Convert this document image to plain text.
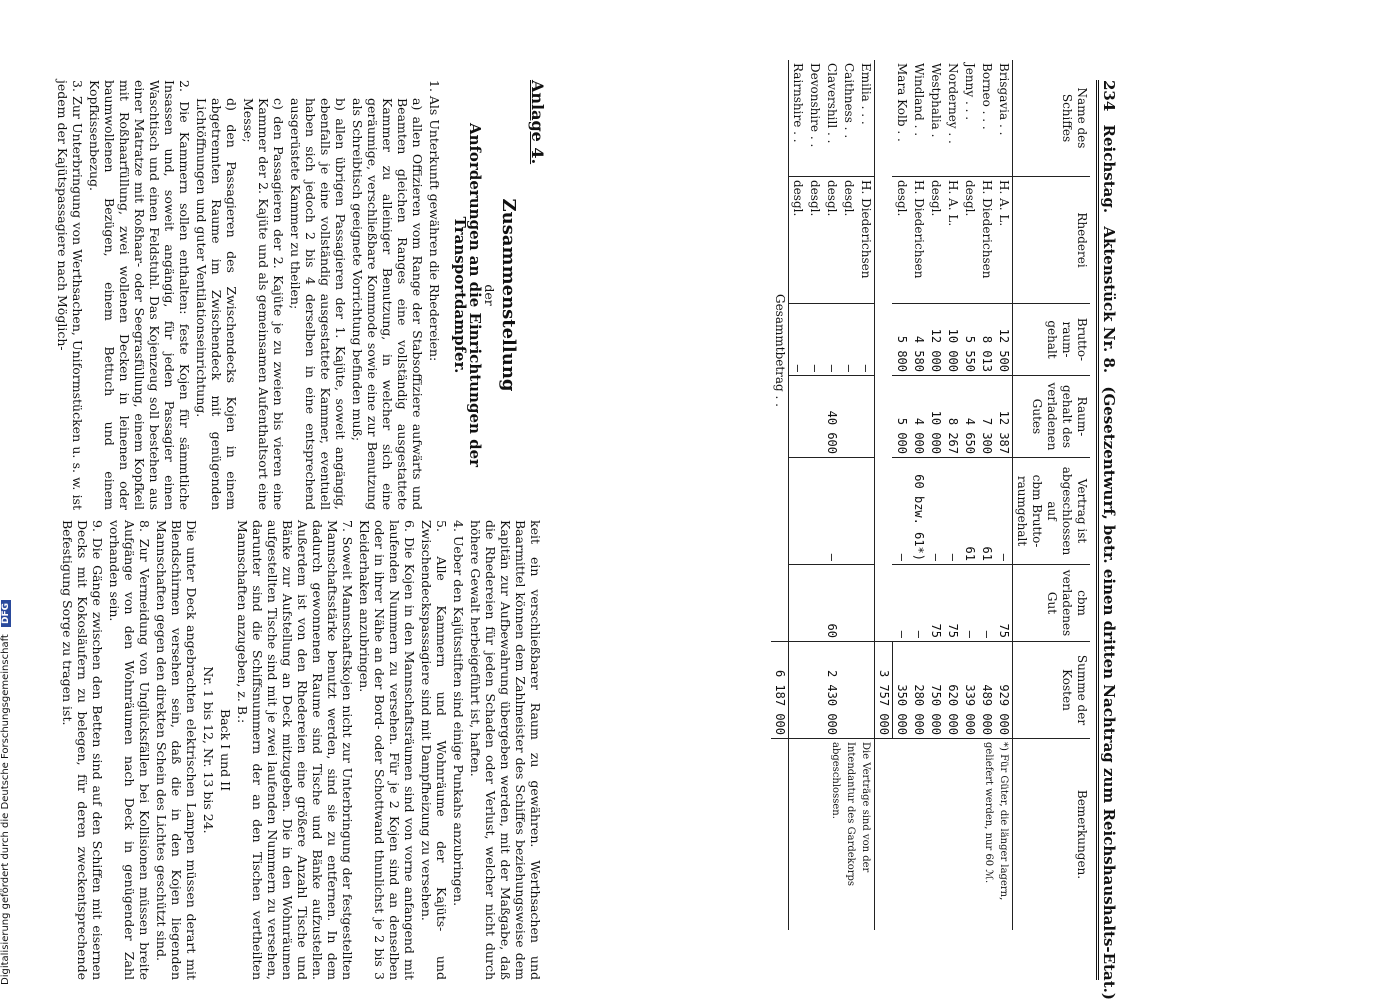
234 Reichstag. Aktenstück Nr. 8. (Gesetzentwurf, betr. einen dritten Nachtrag zum Reichshaushalts-Etat.)
Name des Schiffes	Rhederei	Brutto-raum-gehalt	Raum-gehalt des verladenen Gutes	Vertrag ist abgeschlossen auf
cbm Brutto-raumgehalt	cbm verladenes Gut	Summe der Kosten	Bemerkungen.
Brisgavia . .	H. A. L.	12 500	12 387	—	75	929 000	*) Für Güter, die länger lagern, geliefert werden, nur 60 ℳ.
Borneo . . .	H. Diederichsen	8 013	7 300	61	—	489 000	
Jenny . . .	desgl.	5 550	4 650	61	—	339 000	
Norderney . .	H. A. L.	10 000	8 267	—	75	620 000	
Westphalia .	desgl.	12 000	10 000	—	75	750 000	
Windland . .	H. Diederichsen	4 580	4 000	60 bzw. 61*)	—	280 000	
Mara Kolb . .	desgl.	5 800	5 000	—	—	350 000	
						3 757 000	
Emilia . . .	H. Diederichsen	—	40 600	—	60	2 430 000	Die Verträge sind von der Intendantur des Gardekorps abgeschlossen.
Caithness . .	desgl.	—					
Clavershill . .	desgl.	—					
Devonshire . .	desgl.	—					
Rairnshire . .	desgl.	—					
Gesammtbetrag . .						6 187 000	
Anlage 4.
Zusammenstellung
der
Anforderungen an die Einrichtungen der Transportdampfer.
1. Als Unterkunft gewähren die Rhedereien:
a) allen Offizieren vom Range der Stabsoffiziere aufwärts und Beamten gleichen Ranges eine vollständig ausgestattete Kammer zu alleiniger Benutzung, in welcher sich eine geräumige, verschließbare Kommode sowie eine zur Benutzung als Schreibtisch geeignete Vorrichtung befinden muß;
b) allen übrigen Passagieren der 1. Kajüte, soweit angängig, ebenfalls je eine vollständig ausgestattete Kammer, eventuell haben sich jedoch 2 bis 4 derselben in eine entsprechend ausgerüstete Kammer zu theilen;
c) den Passagieren der 2. Kajüte je zu zweien bis vieren eine Kammer der 2. Kajüte und als gemeinsamen Aufenthaltsort eine Messe;
d) den Passagieren des Zwischendecks Kojen in einem abgetrennten Raume im Zwischendeck mit genügenden Lichtöffnungen und guter Ventilationseinrichtung.
2. Die Kammern sollen enthalten: feste Kojen für sämmtliche Insassen und, soweit angängig, für jeden Passagier einen Waschtisch und einen Feldstuhl. Das Kojenzeug soll bestehen aus einer Matratze mit Roßhaar- oder Seegrasfüllung, einem Kopfkeil mit Roßhaarfüllung, zwei wollenen Decken in leinenen oder baumwollenen Bezügen, einem Bettuch und einem Kopfkissenbezug.
3. Zur Unterbringung von Werthsachen, Uniformstücken u. s. w. ist jedem der Kajütspassagiere nach Möglich-
keit ein verschließbarer Raum zu gewähren. Werthsachen und Baarmittel können dem Zahlmeister des Schiffes beziehungsweise dem Kapitän zur Aufbewahrung übergeben werden, mit der Maßgabe, daß die Rhedereien für jeden Schaden oder Verlust, welcher nicht durch höhere Gewalt herbeigeführt ist, haften.
4. Ueber den Kajütsstiften sind einige Punkahs anzubringen.
5. Alle Kammern und Wohnräume der Kajüts- und Zwischendeckspassagiere sind mit Dampfheizung zu versehen.
6. Die Kojen in den Mannschaftsräumen sind von vorne anfangend mit laufenden Nummern zu versehen. Für je 2 Kojen sind an denselben oder in ihrer Nähe an der Bord- oder Schottwand thunlichst je 2 bis 3 Kleiderhaken anzubringen.
7. Soweit Mannschaftskojen nicht zur Unterbringung der festgestellten Mannschaftsstärke benutzt werden, sind sie zu entfernen. In dem dadurch gewonnenen Raume sind Tische und Bänke aufzustellen. Außerdem ist von den Rhedereien eine größere Anzahl Tische und Bänke zur Aufstellung an Deck mitzugeben. Die in den Wohnräumen aufgestellten Tische sind mit je zwei laufenden Nummern zu versehen, darunter sind die Schiffsnummern der an den Tischen vertheilten Mannschaften anzugeben, z. B.:
Back I und II
Nr. 1 bis 12, Nr. 13 bis 24.
Die unter Deck angebrachten elektrischen Lampen müssen derart mit Blendschirmen versehen sein, daß die in den Kojen liegenden Mannschaften gegen den direkten Schein des Lichtes geschützt sind.
8. Zur Vermeidung von Unglücksfällen bei Kollisionen müssen breite Aufgänge von den Wohnräumen nach Deck in genügender Zahl vorhanden sein.
9. Die Gänge zwischen den Betten sind auf den Schiffen mit eisernen Decks mit Kokosläufern zu belegen, für deren zweckentsprechende Befestigung Sorge zu tragen ist.
Digitalisierung gefördert durch die Deutsche Forschungsgemeinschaft DFG
